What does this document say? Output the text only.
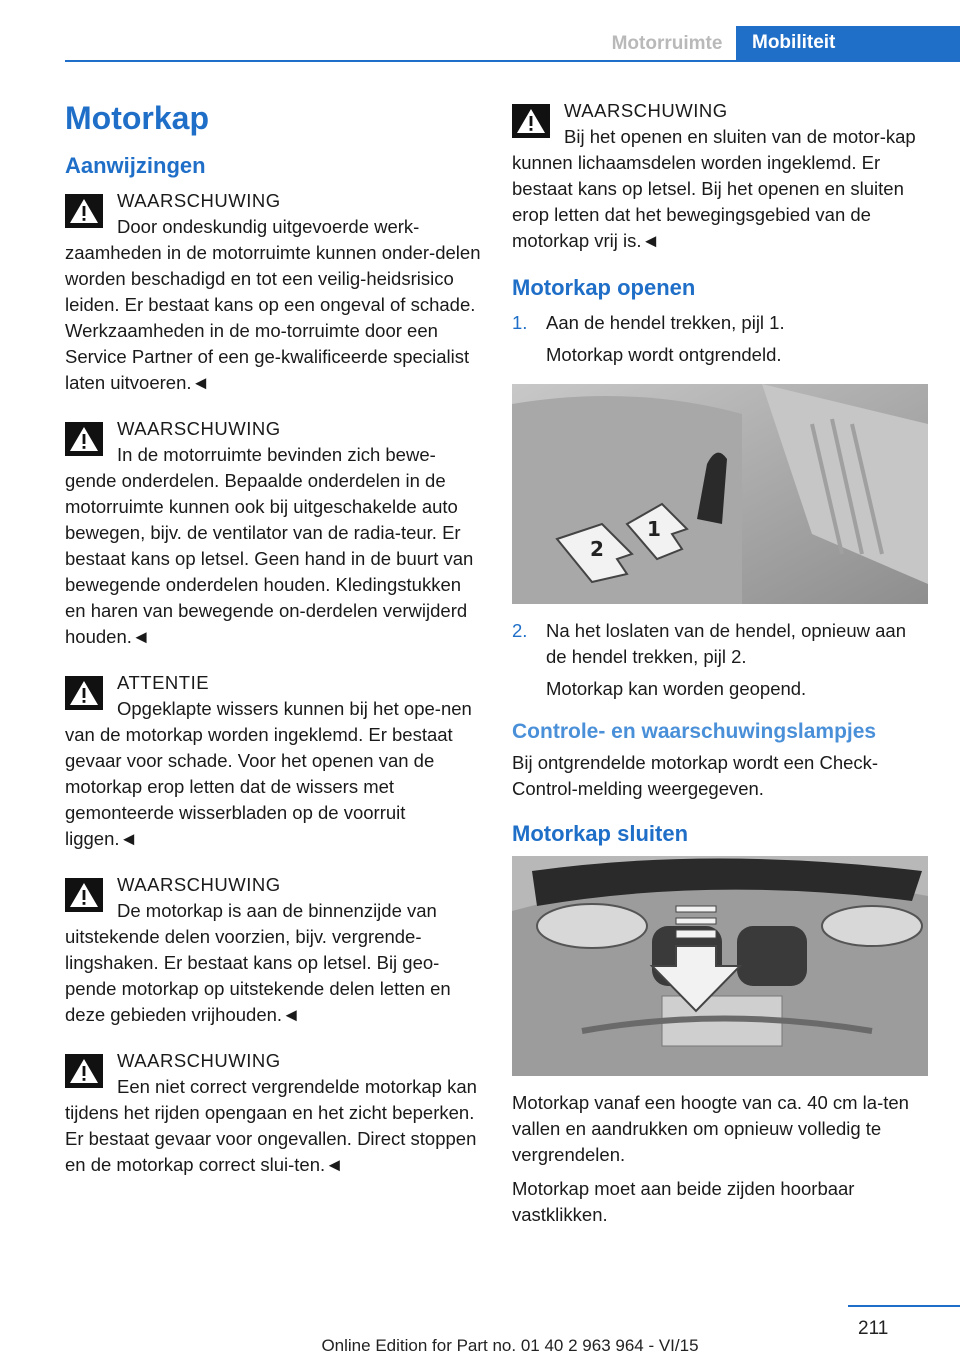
Motorruimte	Mobiliteit
Motorkap
Aanwijzingen
WAARSCHUWING
Door ondeskundig uitgevoerde werk-zaamheden in de motorruimte kunnen onder-delen worden beschadigd en tot een veilig-heidsrisico leiden. Er bestaat kans op een ongeval of schade. Werkzaamheden in de mo-torruimte door een Service Partner of een ge-kwalificeerde specialist laten uitvoeren.◄
WAARSCHUWING
In de motorruimte bevinden zich bewe-gende onderdelen. Bepaalde onderdelen in de motorruimte kunnen ook bij uitgeschakelde auto bewegen, bijv. de ventilator van de radia-teur. Er bestaat kans op letsel. Geen hand in de buurt van bewegende onderdelen houden. Kledingstukken en haren van bewegende on-derdelen verwijderd houden.◄
ATTENTIE
Opgeklapte wissers kunnen bij het ope-nen van de motorkap worden ingeklemd. Er bestaat gevaar voor schade. Voor het openen van de motorkap erop letten dat de wissers met gemonteerde wisserbladen op de voorruit liggen.◄
WAARSCHUWING
De motorkap is aan de binnenzijde van uitstekende delen voorzien, bijv. vergrende-lingshaken. Er bestaat kans op letsel. Bij geo-pende motorkap op uitstekende delen letten en deze gebieden vrijhouden.◄
WAARSCHUWING
Een niet correct vergrendelde motorkap kan tijdens het rijden opengaan en het zicht beperken. Er bestaat gevaar voor ongevallen. Direct stoppen en de motorkap correct slui-ten.◄
WAARSCHUWING
Bij het openen en sluiten van de motor-kap kunnen lichaamsdelen worden ingeklemd. Er bestaat kans op letsel. Bij het openen en sluiten erop letten dat het bewegingsgebied van de motorkap vrij is.◄
Motorkap openen
1.	Aan de hendel trekken, pijl 1.

Motorkap wordt ontgrendeld.

1
2
2.	Na het loslaten van de hendel, opnieuw aan de hendel trekken, pijl 2.

Motorkap kan worden geopend.

Controle- en waarschuwingslampjes

Bij ontgrendelde motorkap wordt een Check-Control-melding weergegeven.

Motorkap sluiten

Motorkap vanaf een hoogte van ca. 40 cm la-ten vallen en aandrukken om opnieuw volledig te vergrendelen.

Motorkap moet aan beide zijden hoorbaar vastklikken.

211
Online Edition for Part no. 01 40 2 963 964 - VI/15
